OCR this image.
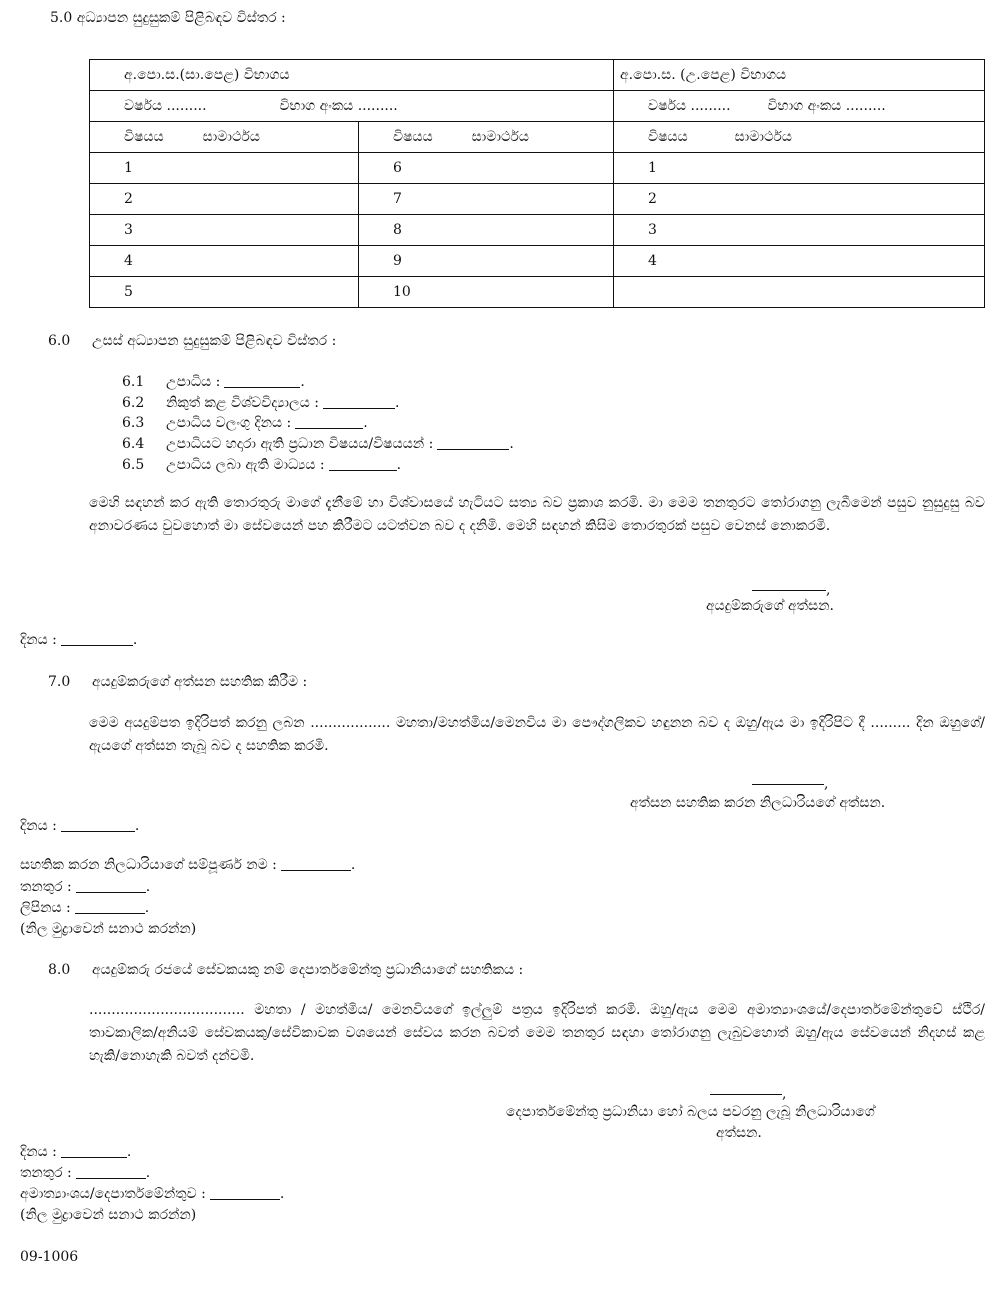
5.0 අධ්‍යාපන සුදුසුකම් පිළිබඳව විස්තර :
අ.පො.ස.(සා.පෙළ) විභාගය		අ.පො.ස. (උ.පෙළ) විභාගය
වර්ෂය ......... විභාග අංකය .........		වර්ෂය ......... විභාග අංකය .........
විෂයය සාමාර්ථය	විෂයය සාමාර්ථය	විෂයය සාමාර්ථය
1	6	1
2	7	2
3	8	3
4	9	4
5	10	
6.0 උසස් අධ්‍යාපන සුදුසුකම් පිළිබඳව විස්තර :
6.1 උපාධිය :	.
6.2 නිකුත් කළ විශ්වවිද්‍යාලය :	.
6.3 උපාධිය වලංගු දිනය :	.
6.4 උපාධියට හදාරා ඇති ප්‍රධාන විෂයය/විෂයයන් :	.
6.5 උපාධිය ලබා ඇති මාධ්‍යය :	.
මෙහි සඳහන් කර ඇති තොරතුරු මාගේ දැනීමේ හා විශ්වාසයේ හැටියට සත්‍ය බව ප්‍රකාශ කරමි. මා මෙම තනතුරට තෝරාගනු ලැබීමෙන් පසුව නුසුදුසු බව අනාවරණය වුවහොත් මා සේවයෙන් පහ කිරීමට යටත්වන බව ද දනිමි. මෙහි සඳහන් කිසිම තොරතුරක් පසුව වෙනස් නොකරමි.
,
අයදුම්කරුගේ අත්සන.
දිනය :	.
7.0 අයදුම්කරුගේ අත්සන සහතික කිරීම :
මෙම අයදුම්පත ඉදිරිපත් කරනු ලබන .................. මහතා/මහත්මිය/මෙනවිය මා පෞද්ගලිකව හඳුනන බව ද ඔහු/ඇය මා ඉදිරිපිට දී ......... දින ඔහුගේ/ ඇයගේ අත්සන තැබූ බව ද සහතික කරමි.
,
අත්සන සහතික කරන නිලධාරියගේ අත්සන.
දිනය :	.
සහතික කරන නිලධාරියාගේ සම්පූර්ණ නම :	.
තනතුර :	.
ලිපිනය :	.
(නිල මුද්‍රාවෙන් සනාථ කරන්න)
8.0 අයදුම්කරු රජයේ සේවකයකු නම් දෙපාර්තමේන්තු ප්‍රධානියාගේ සහතිකය :
................................... මහතා / මහත්මිය/ මෙනවියගේ ඉල්ලුම් පත්‍රය ඉදිරිපත් කරමි. ඔහු/ඇය මෙම අමාත්‍යාංශයේ/දෙපාර්තමේන්තුවේ ස්ථිර/තාවකාලික/අනියම් සේවකයකු/සේවිකාවක වශයෙන් සේවය කරන බවත් මෙම තනතුර සඳහා තෝරාගනු ලැබුවහොත් ඔහු/ඇය සේවයෙන් නිදහස් කළ හැකි/නොහැකි බවත් දන්වමි.
,
දෙපාර්තමේන්තු ප්‍රධානියා හෝ බලය පවරනු ලැබූ නිලධාරියාගේ
අත්සන.
දිනය :	.
තනතුර :	.
අමාත්‍යාංශය/දෙපාර්තමේන්තුව :	.
(නිල මුද්‍රාවෙන් සනාථ කරන්න)
09-1006
